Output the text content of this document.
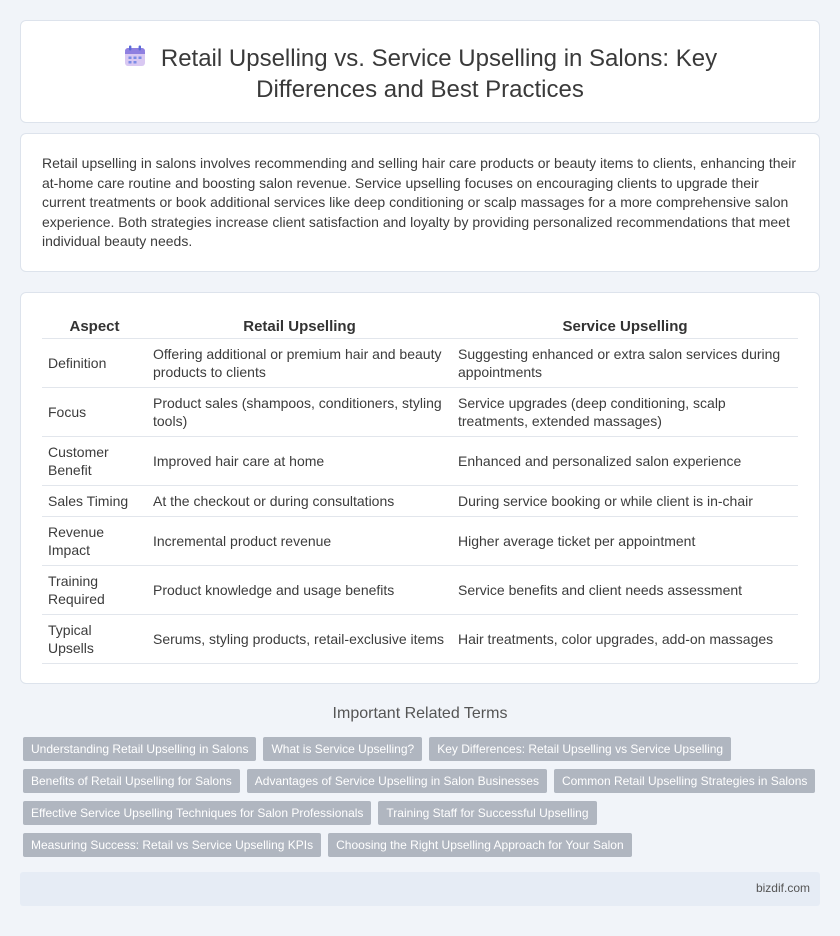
Retail Upselling vs. Service Upselling in Salons: Key Differences and Best Practices

Retail upselling in salons involves recommending and selling hair care products or beauty items to clients, enhancing their at-home care routine and boosting salon revenue. Service upselling focuses on encouraging clients to upgrade their current treatments or book additional services like deep conditioning or scalp massages for a more comprehensive salon experience. Both strategies increase client satisfaction and loyalty by providing personalized recommendations that meet individual beauty needs.

Aspect	Retail Upselling	Service Upselling
Definition	Offering additional or premium hair and beauty products to clients	Suggesting enhanced or extra salon services during appointments
Focus	Product sales (shampoos, conditioners, styling tools)	Service upgrades (deep conditioning, scalp treatments, extended massages)
Customer Benefit	Improved hair care at home	Enhanced and personalized salon experience
Sales Timing	At the checkout or during consultations	During service booking or while client is in-chair
Revenue Impact	Incremental product revenue	Higher average ticket per appointment
Training Required	Product knowledge and usage benefits	Service benefits and client needs assessment
Typical Upsells	Serums, styling products, retail-exclusive items	Hair treatments, color upgrades, add-on massages
Important Related Terms
Understanding Retail Upselling in Salons	What is Service Upselling?	Key Differences: Retail Upselling vs Service Upselling
Benefits of Retail Upselling for Salons	Advantages of Service Upselling in Salon Businesses	Common Retail Upselling Strategies in Salons
Effective Service Upselling Techniques for Salon Professionals	Training Staff for Successful Upselling
Measuring Success: Retail vs Service Upselling KPIs	Choosing the Right Upselling Approach for Your Salon
bizdif.com
